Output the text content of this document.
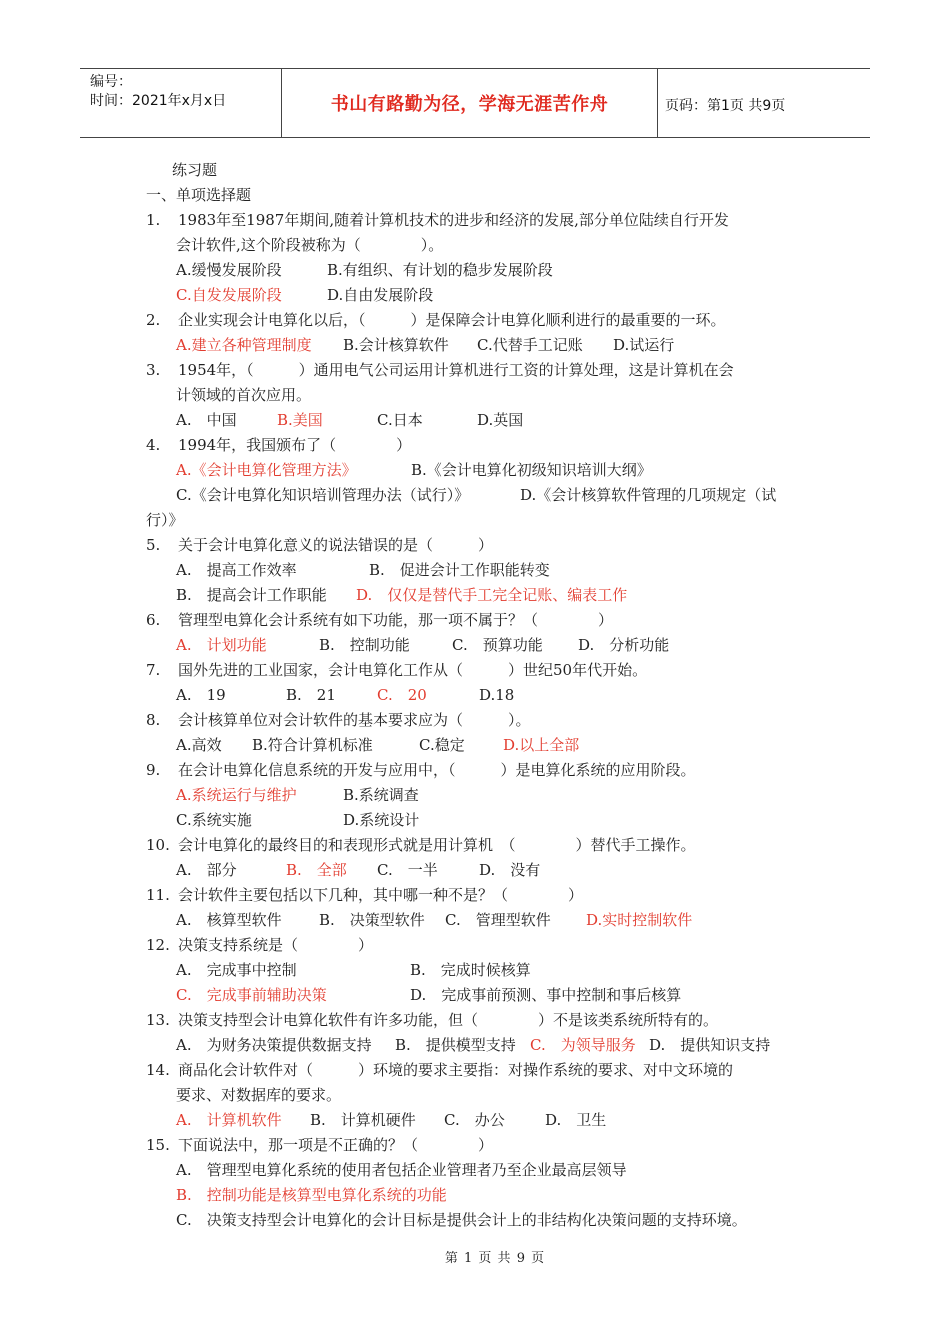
编号：
时间：2021年x月x日	书山有路勤为径，学海无涯苦作舟	页码：第1页 共9页
练习题
一、单项选择题
1. 1983年至1987年期间,随着计算机技术的进步和经济的发展,部分单位陆续自行开发
会计软件,这个阶段被称为（　　　　）。
A.缓慢发展阶段	B.有组织、有计划的稳步发展阶段
C.自发发展阶段	D.自由发展阶段
2. 企业实现会计电算化以后，（　　　）是保障会计电算化顺利进行的最重要的一环。
A.建立各种管理制度 B.会计核算软件 C.代替手工记账 D.试运行
3. 1954年，（　　　）通用电气公司运用计算机进行工资的计算处理，这是计算机在会
计领域的首次应用。
A.　中国	B.美国	C.日本	D.英国
4. 1994年，我国颁布了（　　　　）
A.《会计电算化管理方法》	B.《会计电算化初级知识培训大纲》
C.《会计电算化知识培训管理办法（试行）》	D.《会计核算软件管理的几项规定（试
行）》
5. 关于会计电算化意义的说法错误的是（　　　）
A.　提高工作效率	B.　促进会计工作职能转变
B.　提高会计工作职能 D.　仅仅是替代手工完全记账、编表工作
6. 管理型电算化会计系统有如下功能，那一项不属于？（　　　　）
A.　计划功能	B.　控制功能	C.　预算功能 D.　分析功能
7. 国外先进的工业国家，会计电算化工作从（　　　）世纪50年代开始。
A.　19	B.　21	C.　20	D.18
8. 会计核算单位对会计软件的基本要求应为（　　　）。
A.高效 B.符合计算机标准	C.稳定	D.以上全部
9. 在会计电算化信息系统的开发与应用中，（　　　）是电算化系统的应用阶段。
A.系统运行与维护	B.系统调查
C.系统实施	D.系统设计
10. 会计电算化的最终目的和表现形式就是用计算机　（　　　　）替代手工操作。
A.　部分	B.　全部 C.　一半	D.　没有
11. 会计软件主要包括以下几种，其中哪一种不是？（　　　　）
A.　核算型软件 B.　决策型软件 C.　管理型软件 D.实时控制软件
12. 决策支持系统是（　　　　）
A.　完成事中控制	B.　完成时候核算
C.　完成事前辅助决策	D.　完成事前预测、事中控制和事后核算
13. 决策支持型会计电算化软件有许多功能，但（　　　　）不是该类系统所特有的。
A.　为财务决策提供数据支持 B.　提供模型支持 C.　为领导服务 D.　提供知识支持
14. 商品化会计软件对（　　　）环境的要求主要指：对操作系统的要求、对中文环境的
要求、对数据库的要求。
A.　计算机软件 B.　计算机硬件 C.　办公	D.　卫生
15. 下面说法中，那一项是不正确的？（　　　　）
A.　管理型电算化系统的使用者包括企业管理者乃至企业最高层领导
B.　控制功能是核算型电算化系统的功能
C.　决策支持型会计电算化的会计目标是提供会计上的非结构化决策问题的支持环境。
第 1 页 共 9 页
